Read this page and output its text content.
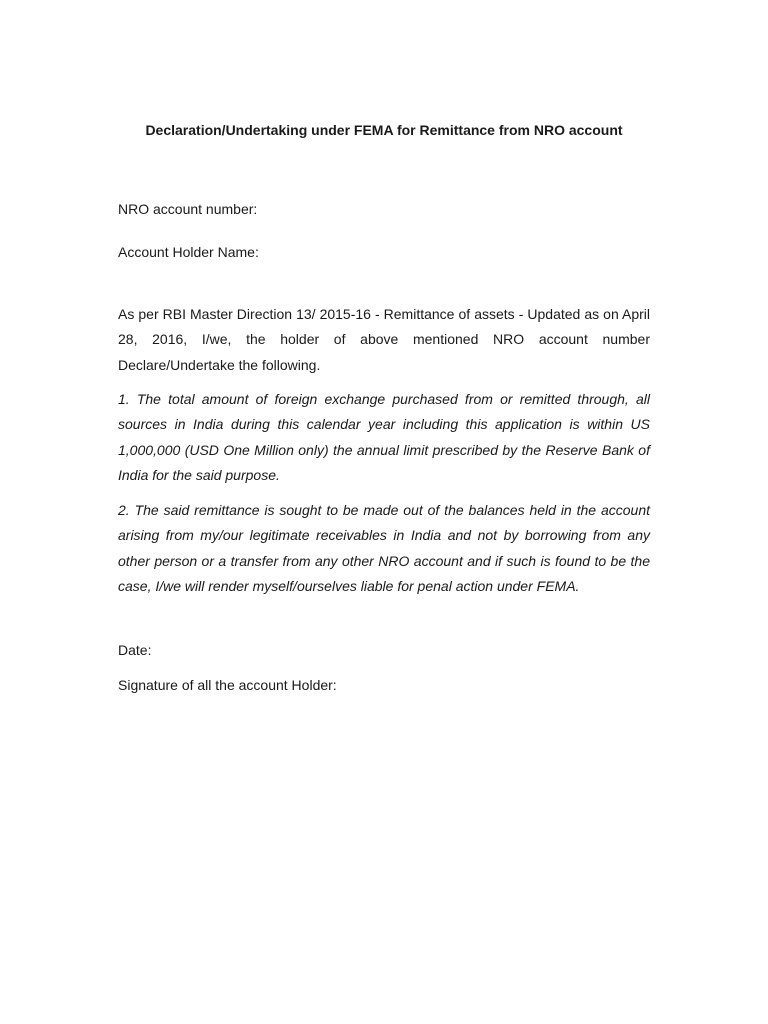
Declaration/Undertaking under FEMA for Remittance from NRO account

NRO account number:

Account Holder Name:

As per RBI Master Direction 13/ 2015-16 - Remittance of assets - Updated as on April 28, 2016, I/we, the holder of above mentioned NRO account number Declare/Undertake the following.

1. The total amount of foreign exchange purchased from or remitted through, all sources in India during this calendar year including this application is within US 1,000,000 (USD One Million only) the annual limit prescribed by the Reserve Bank of India for the said purpose.

2. The said remittance is sought to be made out of the balances held in the account arising from my/our legitimate receivables in India and not by borrowing from any other person or a transfer from any other NRO account and if such is found to be the case, I/we will render myself/ourselves liable for penal action under FEMA.

Date:

Signature of all the account Holder:
